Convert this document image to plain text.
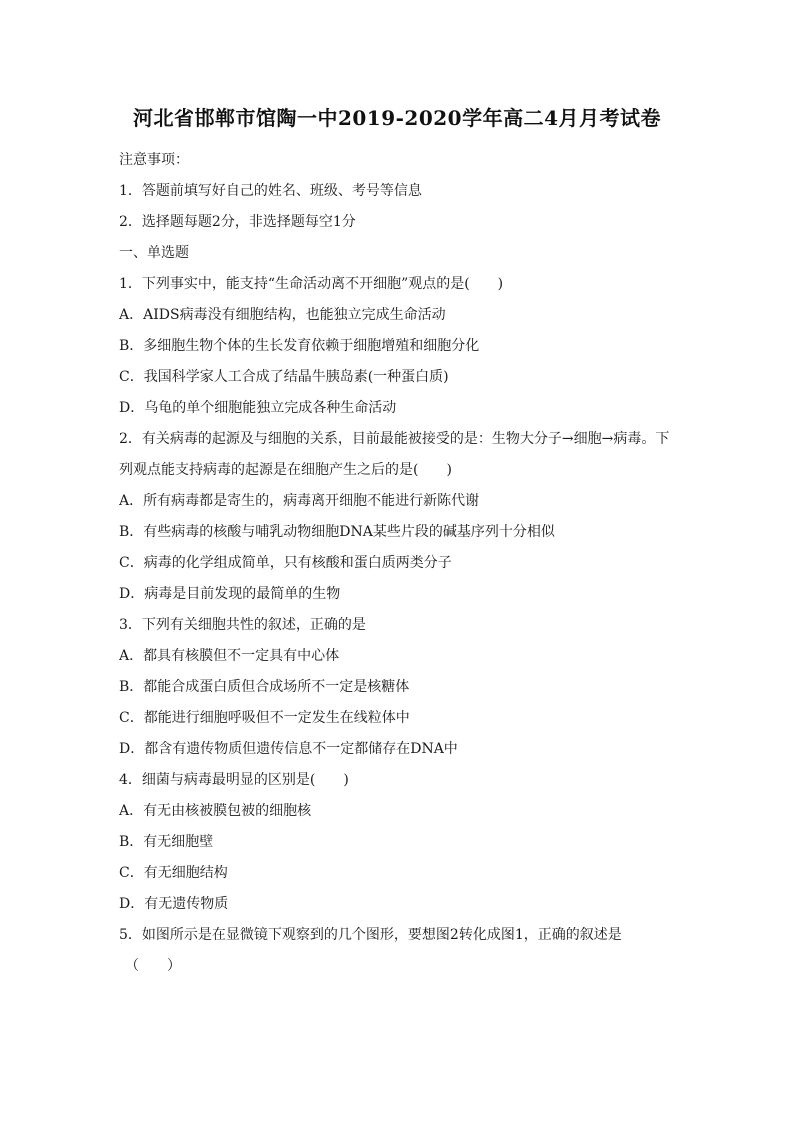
河北省邯郸市馆陶一中2019-2020学年高二4月月考试卷
注意事项：
1．答题前填写好自己的姓名、班级、考号等信息
2．选择题每题2分，非选择题每空1分
一、单选题
1．下列事实中，能支持“生命活动离不开细胞”观点的是(　　)
A．AIDS病毒没有细胞结构，也能独立完成生命活动
B．多细胞生物个体的生长发育依赖于细胞增殖和细胞分化
C．我国科学家人工合成了结晶牛胰岛素(一种蛋白质)
D．乌龟的单个细胞能独立完成各种生命活动
2．有关病毒的起源及与细胞的关系，目前最能被接受的是：生物大分子→细胞→病毒。下
列观点能支持病毒的起源是在细胞产生之后的是(　　)
A．所有病毒都是寄生的，病毒离开细胞不能进行新陈代谢
B．有些病毒的核酸与哺乳动物细胞DNA某些片段的碱基序列十分相似
C．病毒的化学组成简单，只有核酸和蛋白质两类分子
D．病毒是目前发现的最简单的生物
3．下列有关细胞共性的叙述，正确的是
A．都具有核膜但不一定具有中心体
B．都能合成蛋白质但合成场所不一定是核糖体
C．都能进行细胞呼吸但不一定发生在线粒体中
D．都含有遗传物质但遗传信息不一定都储存在DNA中
4．细菌与病毒最明显的区别是(　　)
A．有无由核被膜包被的细胞核
B．有无细胞壁
C．有无细胞结构
D．有无遗传物质
5．如图所示是在显微镜下观察到的几个图形，要想图2转化成图1，正确的叙述是
（　　）
